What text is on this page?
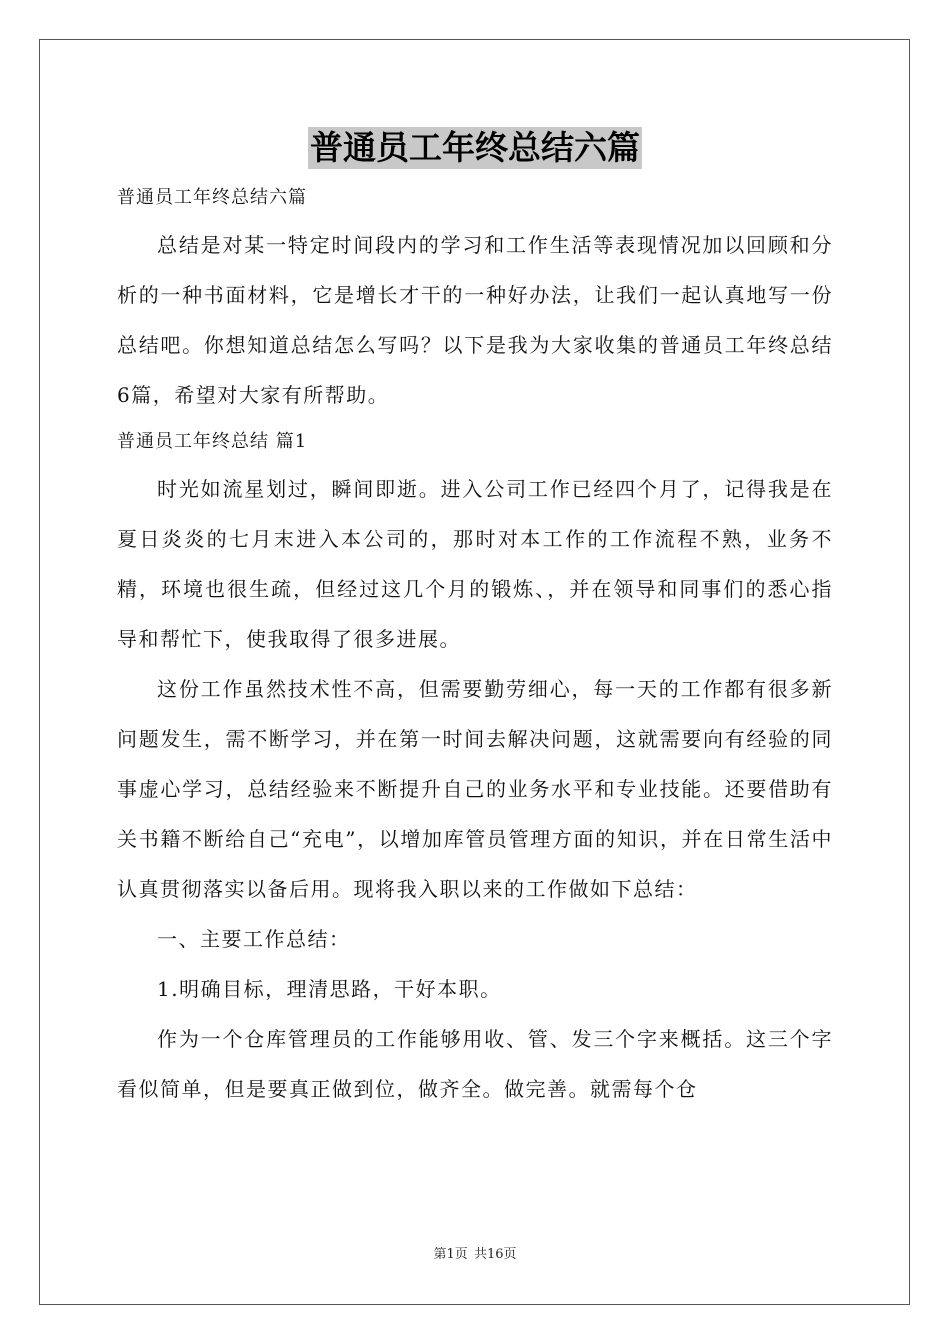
普通员工年终总结六篇

普通员工年终总结六篇

总结是对某一特定时间段内的学习和工作生活等表现情况加以回顾和分析的一种书面材料，它是增长才干的一种好办法，让我们一起认真地写一份总结吧。你想知道总结怎么写吗？以下是我为大家收集的普通员工年终总结6篇，希望对大家有所帮助。

普通员工年终总结 篇1

时光如流星划过，瞬间即逝。进入公司工作已经四个月了，记得我是在夏日炎炎的七月末进入本公司的，那时对本工作的工作流程不熟，业务不精，环境也很生疏，但经过这几个月的锻炼、，并在领导和同事们的悉心指导和帮忙下，使我取得了很多进展。

这份工作虽然技术性不高，但需要勤劳细心，每一天的工作都有很多新问题发生，需不断学习，并在第一时间去解决问题，这就需要向有经验的同事虚心学习，总结经验来不断提升自己的业务水平和专业技能。还要借助有关书籍不断给自己“充电”，以增加库管员管理方面的知识，并在日常生活中认真贯彻落实以备后用。现将我入职以来的工作做如下总结：

一、主要工作总结：

1.明确目标，理清思路，干好本职。

作为一个仓库管理员的工作能够用收、管、发三个字来概括。这三个字看似简单，但是要真正做到位，做齐全。做完善。就需每个仓

第1页 共16页
